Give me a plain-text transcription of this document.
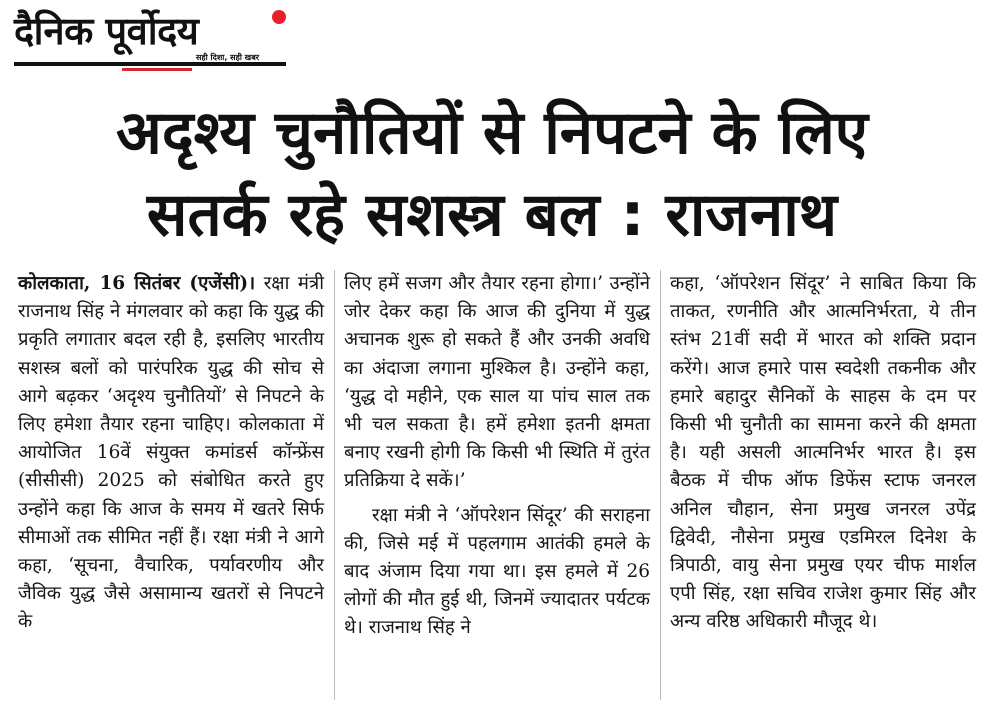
दैनिक पूर्वोदय
सही दिशा, सही खबर
अदृश्य चुनौतियों से निपटने के लिए
सतर्क रहे सशस्त्र बल : राजनाथ

कोलकाता, 16 सितंबर (एजेंसी)। रक्षा मंत्री राजनाथ सिंह ने मंगलवार को कहा कि युद्ध की प्रकृति लगातार बदल रही है, इसलिए भारतीय सशस्त्र बलों को पारंपरिक युद्ध की सोच से आगे बढ़कर ‘अदृश्य चुनौतियों’ से निपटने के लिए हमेशा तैयार रहना चाहिए। कोलकाता में आयोजित 16वें संयुक्त कमांडर्स कॉन्फ्रेंस (सीसीसी) 2025 को संबोधित करते हुए उन्होंने कहा कि आज के समय में खतरे सिर्फ सीमाओं तक सीमित नहीं हैं। रक्षा मंत्री ने आगे कहा, ‘सूचना, वैचारिक, पर्यावरणीय और जैविक युद्ध जैसे असामान्य खतरों से निपटने के

लिए हमें सजग और तैयार रहना होगा।’ उन्होंने जोर देकर कहा कि आज की दुनिया में युद्ध अचानक शुरू हो सकते हैं और उनकी अवधि का अंदाजा लगाना मुश्किल है। उन्होंने कहा, ‘युद्ध दो महीने, एक साल या पांच साल तक भी चल सकता है। हमें हमेशा इतनी क्षमता बनाए रखनी होगी कि किसी भी स्थिति में तुरंत प्रतिक्रिया दे सकें।’

रक्षा मंत्री ने ‘ऑपरेशन सिंदूर’ की सराहना की, जिसे मई में पहलगाम आतंकी हमले के बाद अंजाम दिया गया था। इस हमले में 26 लोगों की मौत हुई थी, जिनमें ज्यादातर पर्यटक थे। राजनाथ सिंह ने

कहा, ‘ऑपरेशन सिंदूर’ ने साबित किया कि ताकत, रणनीति और आत्मनिर्भरता, ये तीन स्तंभ 21वीं सदी में भारत को शक्ति प्रदान करेंगे। आज हमारे पास स्वदेशी तकनीक और हमारे बहादुर सैनिकों के साहस के दम पर किसी भी चुनौती का सामना करने की क्षमता है। यही असली आत्मनिर्भर भारत है। इस बैठक में चीफ ऑफ डिफेंस स्टाफ जनरल अनिल चौहान, सेना प्रमुख जनरल उपेंद्र द्विवेदी, नौसेना प्रमुख एडमिरल दिनेश के त्रिपाठी, वायु सेना प्रमुख एयर चीफ मार्शल एपी सिंह, रक्षा सचिव राजेश कुमार सिंह और अन्य वरिष्ठ अधिकारी मौजूद थे।
